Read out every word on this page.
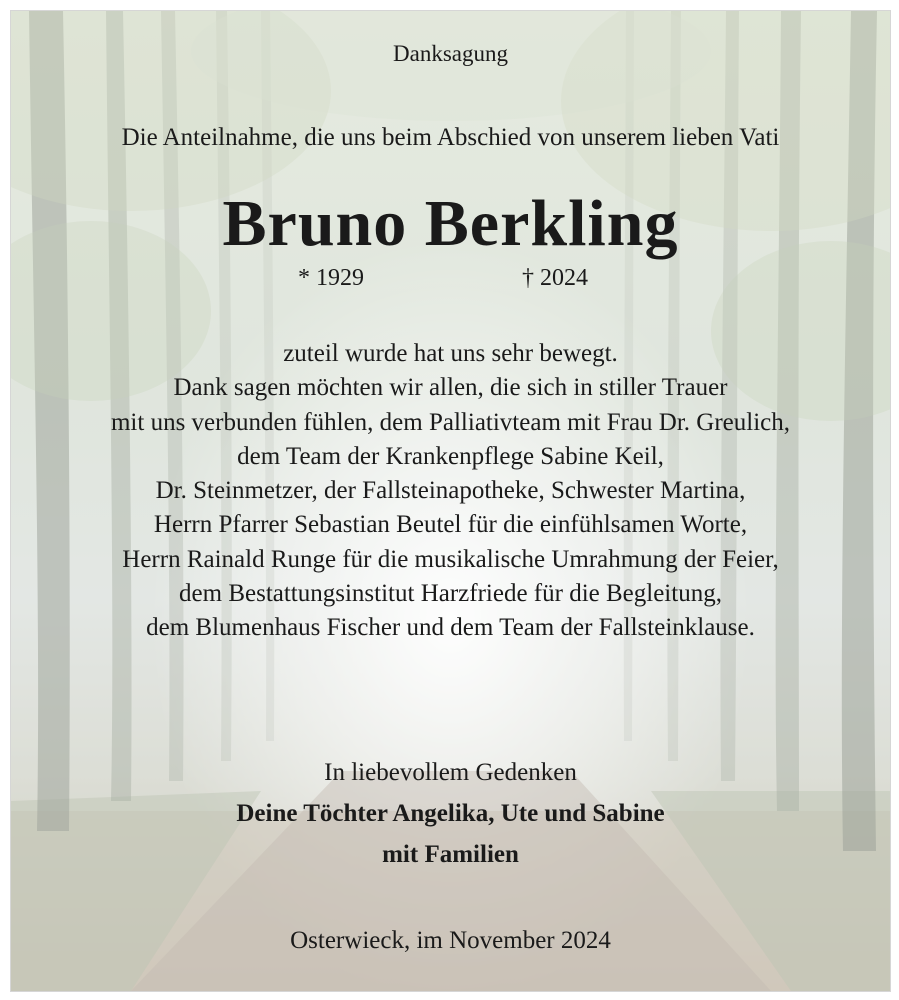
Danksagung
Die Anteilnahme, die uns beim Abschied von unserem lieben Vati
Bruno Berkling
* 1929	† 2024
zuteil wurde hat uns sehr bewegt.
Dank sagen möchten wir allen, die sich in stiller Trauer
mit uns verbunden fühlen, dem Palliativteam mit Frau Dr. Greulich,
dem Team der Krankenpflege Sabine Keil,
Dr. Steinmetzer, der Fallsteinapotheke, Schwester Martina,
Herrn Pfarrer Sebastian Beutel für die einfühlsamen Worte,
Herrn Rainald Runge für die musikalische Umrahmung der Feier,
dem Bestattungsinstitut Harzfriede für die Begleitung,
dem Blumenhaus Fischer und dem Team der Fallsteinklause.
In liebevollem Gedenken
Deine Töchter Angelika, Ute und Sabine
mit Familien
Osterwieck, im November 2024
